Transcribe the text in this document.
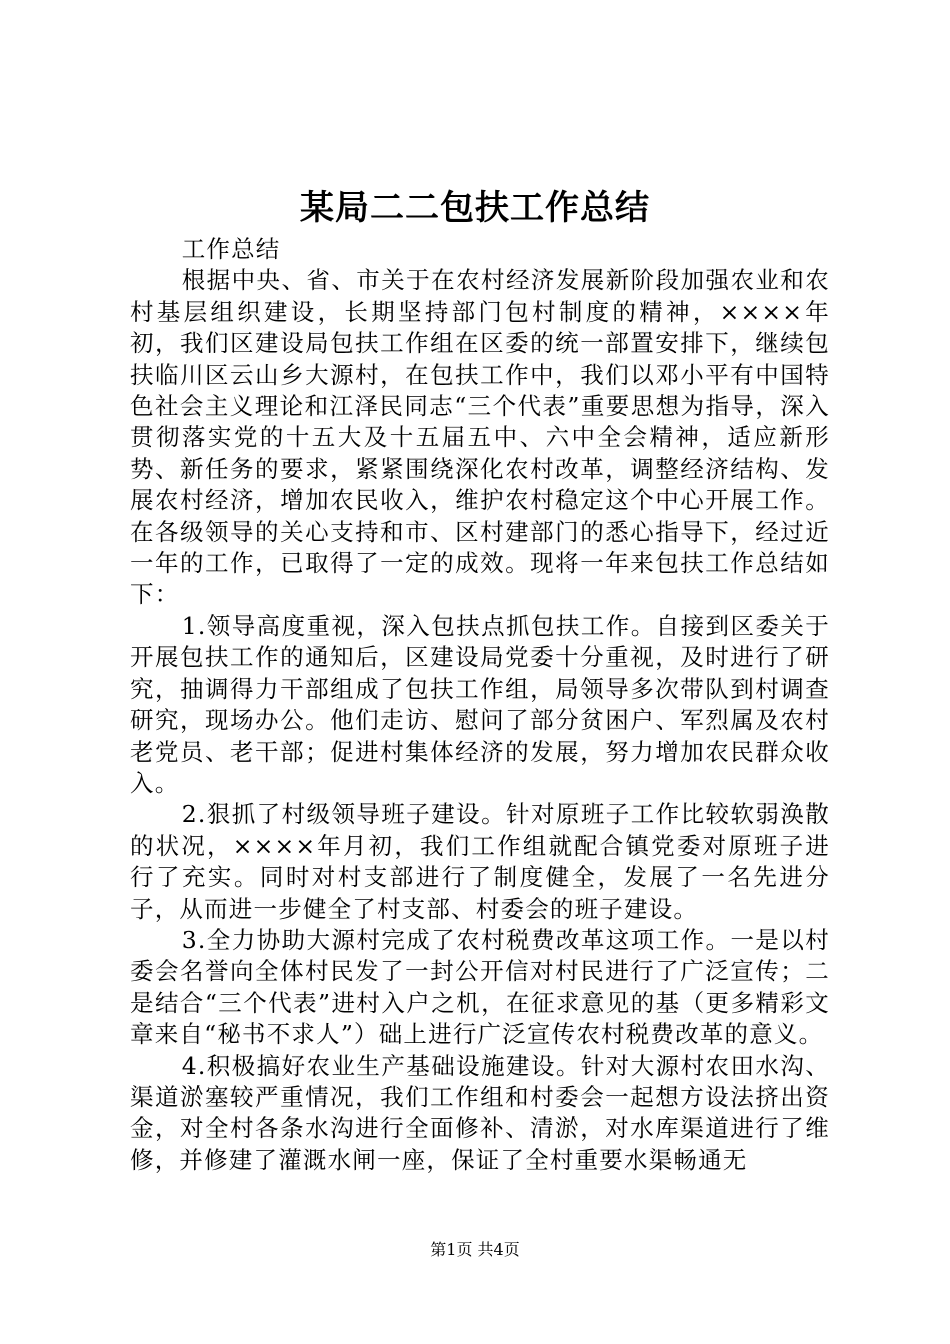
某局二二包扶工作总结

工作总结

根据中央、省、市关于在农村经济发展新阶段加强农业和农村基层组织建设，长期坚持部门包村制度的精神，××××年初，我们区建设局包扶工作组在区委的统一部置安排下，继续包扶临川区云山乡大源村，在包扶工作中，我们以邓小平有中国特色社会主义理论和江泽民同志“三个代表”重要思想为指导，深入贯彻落实党的十五大及十五届五中、六中全会精神，适应新形势、新任务的要求，紧紧围绕深化农村改革，调整经济结构、发展农村经济，增加农民收入，维护农村稳定这个中心开展工作。在各级领导的关心支持和市、区村建部门的悉心指导下，经过近一年的工作，已取得了一定的成效。现将一年来包扶工作总结如下：

1.领导高度重视，深入包扶点抓包扶工作。自接到区委关于开展包扶工作的通知后，区建设局党委十分重视，及时进行了研究，抽调得力干部组成了包扶工作组，局领导多次带队到村调查研究，现场办公。他们走访、慰问了部分贫困户、军烈属及农村老党员、老干部；促进村集体经济的发展，努力增加农民群众收入。

2.狠抓了村级领导班子建设。针对原班子工作比较软弱涣散的状况，××××年月初，我们工作组就配合镇党委对原班子进行了充实。同时对村支部进行了制度健全，发展了一名先进分子，从而进一步健全了村支部、村委会的班子建设。

3.全力协助大源村完成了农村税费改革这项工作。一是以村委会名誉向全体村民发了一封公开信对村民进行了广泛宣传；二是结合“三个代表”进村入户之机，在征求意见的基（更多精彩文章来自“秘书不求人”）础上进行广泛宣传农村税费改革的意义。

4.积极搞好农业生产基础设施建设。针对大源村农田水沟、渠道淤塞较严重情况，我们工作组和村委会一起想方设法挤出资金，对全村各条水沟进行全面修补、清淤，对水库渠道进行了维修，并修建了灌溉水闸一座，保证了全村重要水渠畅通无

第1页 共4页
